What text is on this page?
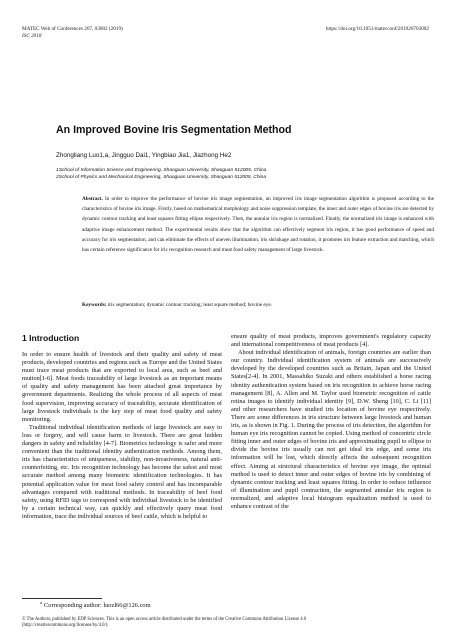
MATEC Web of Conferences 267, 03002 (2019)
ISC 2018
https://doi.org/10.1051/matecconf/201926703002
An Improved Bovine Iris Segmentation Method
Zhongliang Luo1,a, Jingguo Dai1, Yingbiao Jia1, Jiazhong He2
1School of Information Science and Engineering, Shaoguan University, Shaoguan 512005, China
2School of Physics and Mechanical Engineering, Shaoguan University, Shaoguan 512005, China

Abstract. In order to improve the performance of bovine iris image segmentation, an improved iris image segmentation algorithm is proposed according to the characteristics of bovine iris image. Firstly, based on mathematical morphology and noise suppression template, the inner and outer edges of bovine iris are detected by dynamic contour tracking and least squares fitting ellipse respectively. Then, the annular iris region is normalized. Finally, the normalized iris image is enhanced with adaptive image enhancement method. The experimental results show that the algorithm can effectively segment iris region, it has good performance of speed and accuracy for iris segmentation, and can eliminate the effects of uneven illumination, iris shrinkage and rotation, it promotes iris feature extraction and matching, which has certain reference significance for iris recognition research and meat food safety management of large livestock.

Keywords: iris segmentation; dynamic contour tracking; least square method; bovine eye.

1 Introduction

In order to ensure health of livestock and their quality and safety of meat products, developed countries and regions such as Europe and the United States must trace meat products that are exported to local area, such as beef and mutton[1-6]. Meat foods traceability of large livestock as an important means of quality and safety management has been attached great importance by government departments. Realizing the whole process of all aspects of meat food supervision, improving accuracy of traceability, accurate identification of large livestock individuals is the key step of meat food quality and safety monitoring.

Traditional individual identification methods of large livestock are easy to loss or forgery, and will cause harm to livestock. There are great hidden dangers in safety and reliability [4-7]. Biometrics technology is safer and more convenient than the traditional identity authentication methods. Among them, iris has characteristics of uniqueness, stability, non-invasiveness, natural anti-counterfeiting, etc. Iris recognition technology has become the safest and most accurate method among many biometric identification technologies. It has potential application value for meat food safety control and has incomparable advantages compared with traditional methods. In traceability of beef food safety, using RFID tags to correspond with individual livestock to be identified by a certain technical way, can quickly and effectively query meat food information, trace the individual sources of beef cattle, which is helpful to

ensure quality of meat products, improves government's regulatory capacity and international competitiveness of meat products [4].

About individual identification of animals, foreign countries are earlier than our country. Individual identification system of animals are successively developed by the developed countries such as Britain, Japan and the United States[2-4]. In 2001, Massahiko Suzaki and others established a horse racing identity authentication system based on iris recognition to achieve horse racing management [8], A. Allen and M. Taylor used biometric recognition of cattle retina images to identify individual identity [9], D.W. Sheng [10], C. Li [11] and other researchers have studied iris location of bovine eye respectively. There are some differences in iris structure between large livestock and human iris, as is shown in Fig. 1. During the process of iris detection, the algorithm for human eye iris recognition cannot be copied. Using method of concentric circle fitting inner and outer edges of bovine iris and approximating pupil to ellipse to divide the bovine iris usually can not get ideal iris edge, and some iris information will be lost, which directly affects the subsequent recognition effect. Aiming at structural characteristics of bovine eye image, the optimal method is used to detect inner and outer edges of bovine iris by combining of dynamic contour tracking and least squares fitting. In order to reduce influence of illumination and pupil contraction, the segmented annular iris region is normalized, and adaptive local histogram equalization method is used to enhance contrast of the

$^a$ Corresponding author: luozl66@126.com
© The Authors, published by EDP Sciences. This is an open access article distributed under the terms of the Creative Commons Attribution License 4.0
(http://creativecommons.org/licenses/by/4.0/).
